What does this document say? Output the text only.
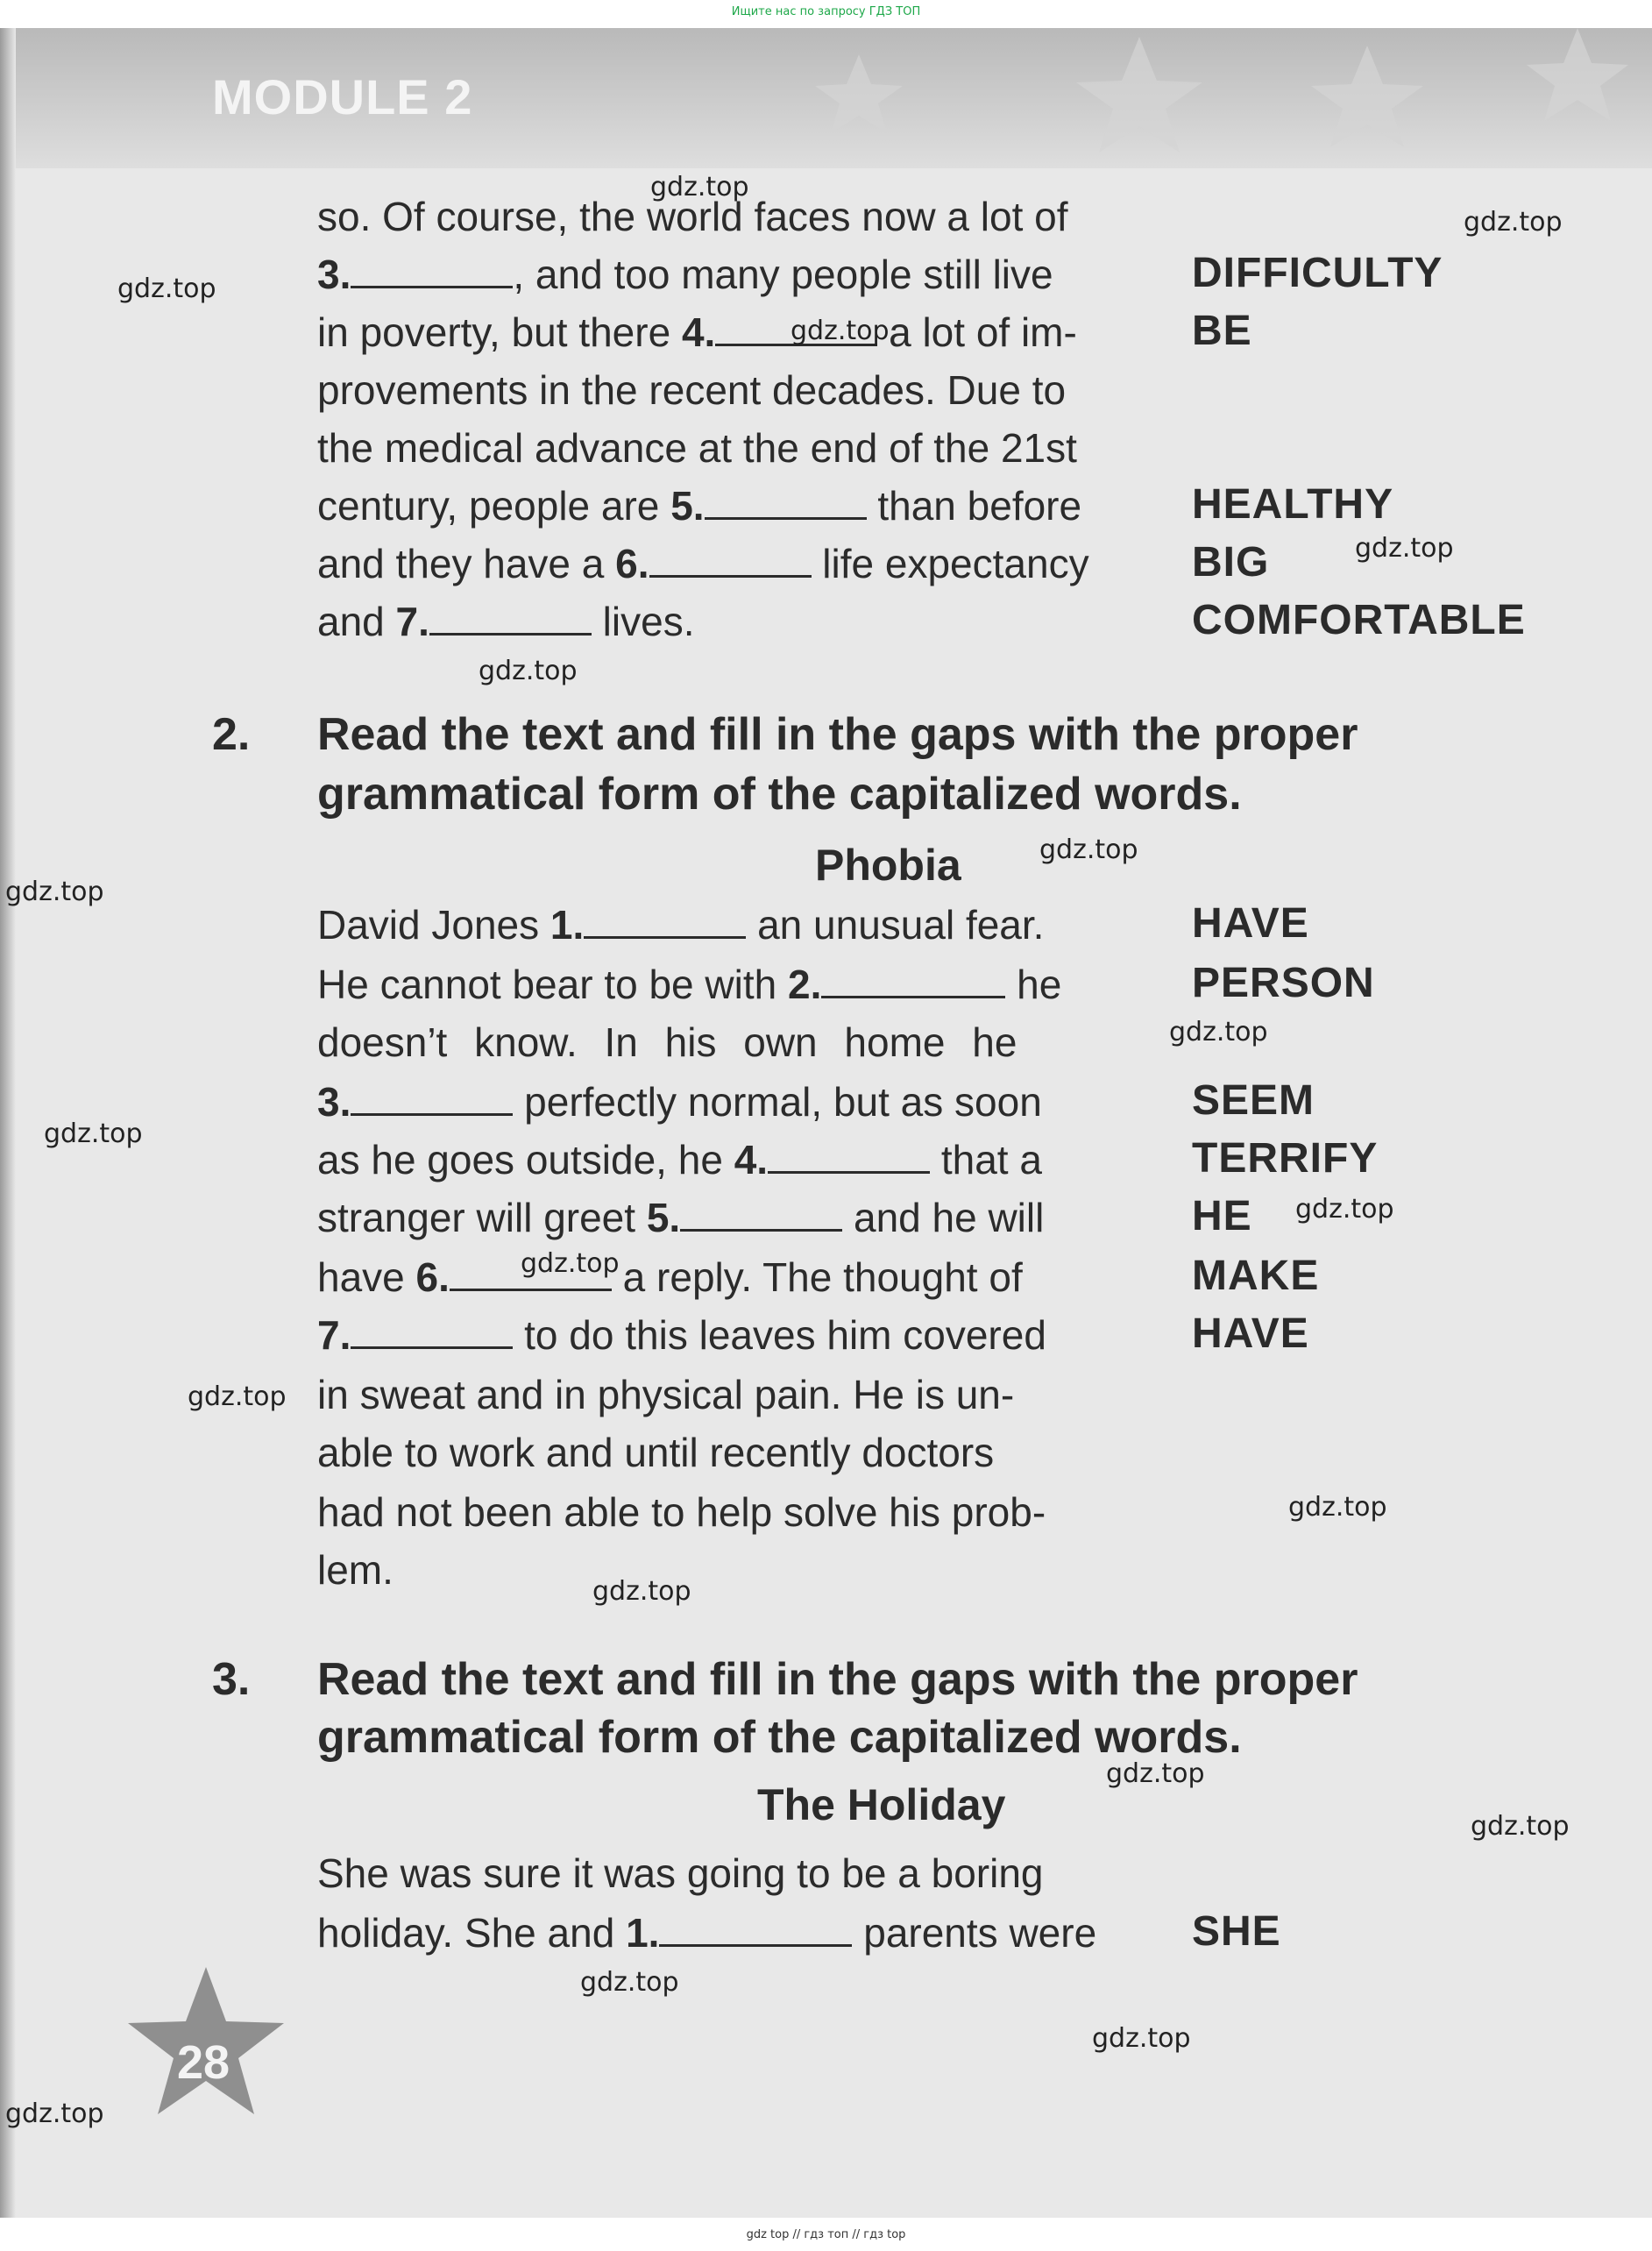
Ищите нас по запросу ГДЗ ТОП
MODULE 2
so. Of course, the world faces now a lot of
3.	, and too many people still live
in poverty, but there 4.	a lot of im-
provements in the recent decades. Due to
the medical advance at the end of the 21st
century, people are 5.	than before
and they have a 6.	life expectancy
and 7.	lives.
DIFFICULTY
BE
HEALTHY
BIG
COMFORTABLE
2. Read the text and fill in the gaps with the proper
grammatical form of the capitalized words.
Phobia
David Jones 1.	an unusual fear.
He cannot bear to be with 2.	he
doesn’t know. In his own home he
3.	perfectly normal, but as soon
as he goes outside, he 4.	that a
stranger will greet 5.	and he will
have 6.	a reply. The thought of
7.	to do this leaves him covered
in sweat and in physical pain. He is un-
able to work and until recently doctors
had not been able to help solve his prob-
lem.
HAVE
PERSON
SEEM
TERRIFY
HE
MAKE
HAVE
3. Read the text and fill in the gaps with the proper
grammatical form of the capitalized words.
The Holiday
She was sure it was going to be a boring
holiday. She and 1.	parents were SHE
28
gdz.top
gdz.top
gdz.top
gdz.top
gdz.top
gdz.top
gdz.top
gdz.top
gdz.top
gdz.top
gdz.top
gdz.top
gdz.top
gdz.top
gdz.top
gdz.top
gdz.top
gdz.top
gdz.top
gdz.top
gdz top // гдз топ // гдз top
